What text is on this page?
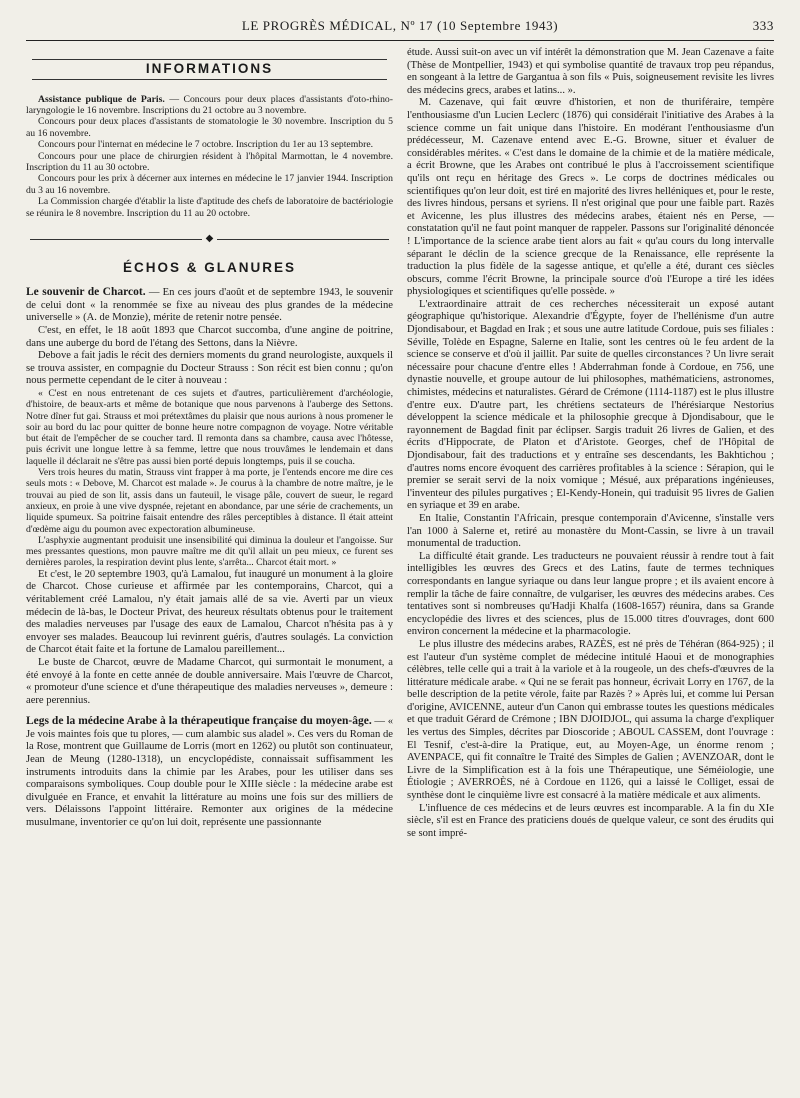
LE PROGRÈS MÉDICAL, Nº 17 (10 Septembre 1943)	333
INFORMATIONS

Assistance publique de Paris. — Concours pour deux places d'assistants d'oto-rhino-laryngologie le 16 novembre. Inscriptions du 21 octobre au 3 novembre.

Concours pour deux places d'assistants de stomatologie le 30 novembre. Inscription du 5 au 16 novembre.

Concours pour l'internat en médecine le 7 octobre. Inscription du 1er au 13 septembre.

Concours pour une place de chirurgien résident à l'hôpital Marmottan, le 4 novembre. Inscription du 11 au 30 octobre.

Concours pour les prix à décerner aux internes en médecine le 17 janvier 1944. Inscription du 3 au 16 novembre.

La Commission chargée d'établir la liste d'aptitude des chefs de laboratoire de bactériologie se réunira le 8 novembre. Inscription du 11 au 20 octobre.

◆
ÉCHOS & GLANURES

Le souvenir de Charcot. — En ces jours d'août et de septembre 1943, le souvenir de celui dont « la renommée se fixe au niveau des plus grandes de la médecine universelle » (A. de Monzie), mérite de retenir notre pensée.

C'est, en effet, le 18 août 1893 que Charcot succomba, d'une angine de poitrine, dans une auberge du bord de l'étang des Settons, dans la Nièvre.

Debove a fait jadis le récit des derniers moments du grand neurologiste, auxquels il se trouva assister, en compagnie du Docteur Strauss : Son récit est bien connu ; qu'on nous permette cependant de le citer à nouveau :

« C'est en nous entretenant de ces sujets et d'autres, particulièrement d'archéologie, d'histoire, de beaux-arts et même de botanique que nous parvenons à l'auberge des Settons. Notre dîner fut gai. Strauss et moi prétextâmes du plaisir que nous aurions à nous promener le soir au bord du lac pour quitter de bonne heure notre compagnon de voyage. Notre véritable but était de l'empêcher de se coucher tard. Il remonta dans sa chambre, causa avec l'hôtesse, puis écrivit une longue lettre à sa femme, lettre que nous trouvâmes le lendemain et dans laquelle il déclarait ne s'être pas aussi bien porté depuis longtemps, puis il se coucha.

Vers trois heures du matin, Strauss vint frapper à ma porte, je l'entends encore me dire ces seuls mots : « Debove, M. Charcot est malade ». Je courus à la chambre de notre maître, je le trouvai au pied de son lit, assis dans un fauteuil, le visage pâle, couvert de sueur, le regard anxieux, en proie à une vive dyspnée, rejetant en abondance, par une série de crachements, un liquide spumeux. Sa poitrine faisait entendre des râles perceptibles à distance. Il était atteint d'œdème aigu du poumon avec expectoration albumineuse.

L'asphyxie augmentant produisit une insensibilité qui diminua la douleur et l'angoisse. Sur mes pressantes questions, mon pauvre maître me dit qu'il allait un peu mieux, ce furent ses dernières paroles, la respiration devint plus lente, s'arrêta... Charcot était mort. »

Et c'est, le 20 septembre 1903, qu'à Lamalou, fut inauguré un monument à la gloire de Charcot. Chose curieuse et affirmée par les contemporains, Charcot, qui a véritablement créé Lamalou, n'y était jamais allé de sa vie. Averti par un vieux médecin de là-bas, le Docteur Privat, des heureux résultats obtenus pour le traitement des maladies nerveuses par l'usage des eaux de Lamalou, Charcot n'hésita pas à y envoyer ses malades. Beaucoup lui revinrent guéris, d'autres soulagés. La conviction de Charcot était faite et la fortune de Lamalou pareillement...

Le buste de Charcot, œuvre de Madame Charcot, qui surmontait le monument, a été envoyé à la fonte en cette année de double anniversaire. Mais l'œuvre de Charcot, « promoteur d'une science et d'une thérapeutique des maladies nerveuses », demeure : aere perennius.

Legs de la médecine Arabe à la thérapeutique française du moyen-âge. — « Je vois maintes fois que tu plores, — cum alambic sus aladel ». Ces vers du Roman de la Rose, montrent que Guillaume de Lorris (mort en 1262) ou plutôt son continuateur, Jean de Meung (1280-1318), un encyclopédiste, connaissait suffisamment les instruments introduits dans la chimie par les Arabes, pour les utiliser dans ses comparaisons symboliques. Coup double pour le XIIIe siècle : la médecine arabe est divulguée en France, et envahit la littérature au moins une fois sur des milliers de vers. Délaissons l'appoint littéraire. Remonter aux origines de la médecine musulmane, inventorier ce qu'on lui doit, représente une passionnante

étude. Aussi suit-on avec un vif intérêt la démonstration que M. Jean Cazenave a faite (Thèse de Montpellier, 1943) et qui symbolise quantité de travaux trop peu répandus, en songeant à la lettre de Gargantua à son fils « Puis, soigneusement revisite les livres des médecins grecs, arabes et latins... ».

M. Cazenave, qui fait œuvre d'historien, et non de thuriféraire, tempère l'enthousiasme d'un Lucien Leclerc (1876) qui considérait l'initiative des Arabes à la science comme un fait unique dans l'histoire. En modérant l'enthousiasme d'un prédécesseur, M. Cazenave entend avec E.-G. Browne, situer et évaluer de considérables mérites. « C'est dans le domaine de la chimie et de la matière médicale, a écrit Browne, que les Arabes ont contribué le plus à l'accroissement scientifique qu'ils ont reçu en héritage des Grecs ». Le corps de doctrines médicales ou scientifiques qu'on leur doit, est tiré en majorité des livres helléniques et, pour le reste, des livres hindous, persans et syriens. Il n'est original que pour une faible part. Razès et Avicenne, les plus illustres des médecins arabes, étaient nés en Perse, — constatation qu'il ne faut point manquer de rappeler. Passons sur l'originalité dénoncée ! L'importance de la science arabe tient alors au fait « qu'au cours du long intervalle séparant le déclin de la science grecque de la Renaissance, elle représente la traduction la plus fidèle de la sagesse antique, et qu'elle a été, durant ces siècles obscurs, comme l'écrit Browne, la principale source d'où l'Europe a tiré les idées physiologiques et scientifiques qu'elle possède. »

L'extraordinaire attrait de ces recherches nécessiterait un exposé autant géographique qu'historique. Alexandrie d'Égypte, foyer de l'hellénisme d'un autre Djondisabour, et Bagdad en Irak ; et sous une autre latitude Cordoue, puis ses filiales : Séville, Tolède en Espagne, Salerne en Italie, sont les centres où le feu ardent de la science se conserve et d'où il jaillit. Par suite de quelles circonstances ? Un livre serait nécessaire pour chacune d'entre elles ! Abderrahman fonde à Cordoue, en 756, une dynastie nouvelle, et groupe autour de lui philosophes, mathématiciens, astronomes, chimistes, médecins et naturalistes. Gérard de Crémone (1114-1187) est le plus illustre d'entre eux. D'autre part, les chrétiens sectateurs de l'hérésiarque Nestorius développent la science médicale et la philosophie grecque à Djondisabour, que le rayonnement de Bagdad finit par éclipser. Sargis traduit 26 livres de Galien, et des écrits d'Hippocrate, de Platon et d'Aristote. Georges, chef de l'Hôpital de Djondisabour, fait des traductions et y entraîne ses descendants, les Bakhtichou ; d'autres noms encore évoquent des carrières profitables à la science : Sérapion, qui le premier se serait servi de la noix vomique ; Mésué, aux préparations ingénieuses, l'inventeur des pilules purgatives ; El-Kendy-Honein, qui traduisit 95 livres de Galien en syriaque et 39 en arabe.

En Italie, Constantin l'Africain, presque contemporain d'Avicenne, s'installe vers l'an 1000 à Salerne et, retiré au monastère du Mont-Cassin, se livre à un travail monumental de traduction.

La difficulté était grande. Les traducteurs ne pouvaient réussir à rendre tout à fait intelligibles les œuvres des Grecs et des Latins, faute de termes techniques correspondants en langue syriaque ou dans leur langue propre ; et ils avaient encore à remplir la tâche de faire connaître, de vulgariser, les œuvres des médecins arabes. Ces tentatives sont si nombreuses qu'Hadji Khalfa (1608-1657) réunira, dans sa Grande encyclopédie des livres et des sciences, plus de 15.000 titres d'ouvrages, dont 600 environ concernent la médecine et la pharmacologie.

Le plus illustre des médecins arabes, RAZÈS, est né près de Téhéran (864-925) ; il est l'auteur d'un système complet de médecine intitulé Haoui et de monographies célèbres, telle celle qui a trait à la variole et à la rougeole, un des chefs-d'œuvres de la littérature médicale arabe. « Qui ne se ferait pas honneur, écrivait Lorry en 1767, de la belle description de la petite vérole, faite par Razès ? » Après lui, et comme lui Persan d'origine, AVICENNE, auteur d'un Canon qui embrasse toutes les questions médicales et que traduit Gérard de Crémone ; IBN DJOIDJOL, qui assuma la charge d'expliquer les vertus des Simples, décrites par Dioscoride ; ABOUL CASSEM, dont l'ouvrage : El Tesnif, c'est-à-dire la Pratique, eut, au Moyen-Age, un énorme renom ; AVENPACE, qui fit connaître le Traité des Simples de Galien ; AVENZOAR, dont le Livre de la Simplification est à la fois une Thérapeutique, une Séméiologie, une Étiologie ; AVERROÈS, né à Cordoue en 1126, qui a laissé le Colliget, essai de synthèse dont le cinquième livre est consacré à la matière médicale et aux aliments.

L'influence de ces médecins et de leurs œuvres est incomparable. A la fin du XIe siècle, s'il est en France des praticiens doués de quelque valeur, ce sont des érudits qui se sont impré-
